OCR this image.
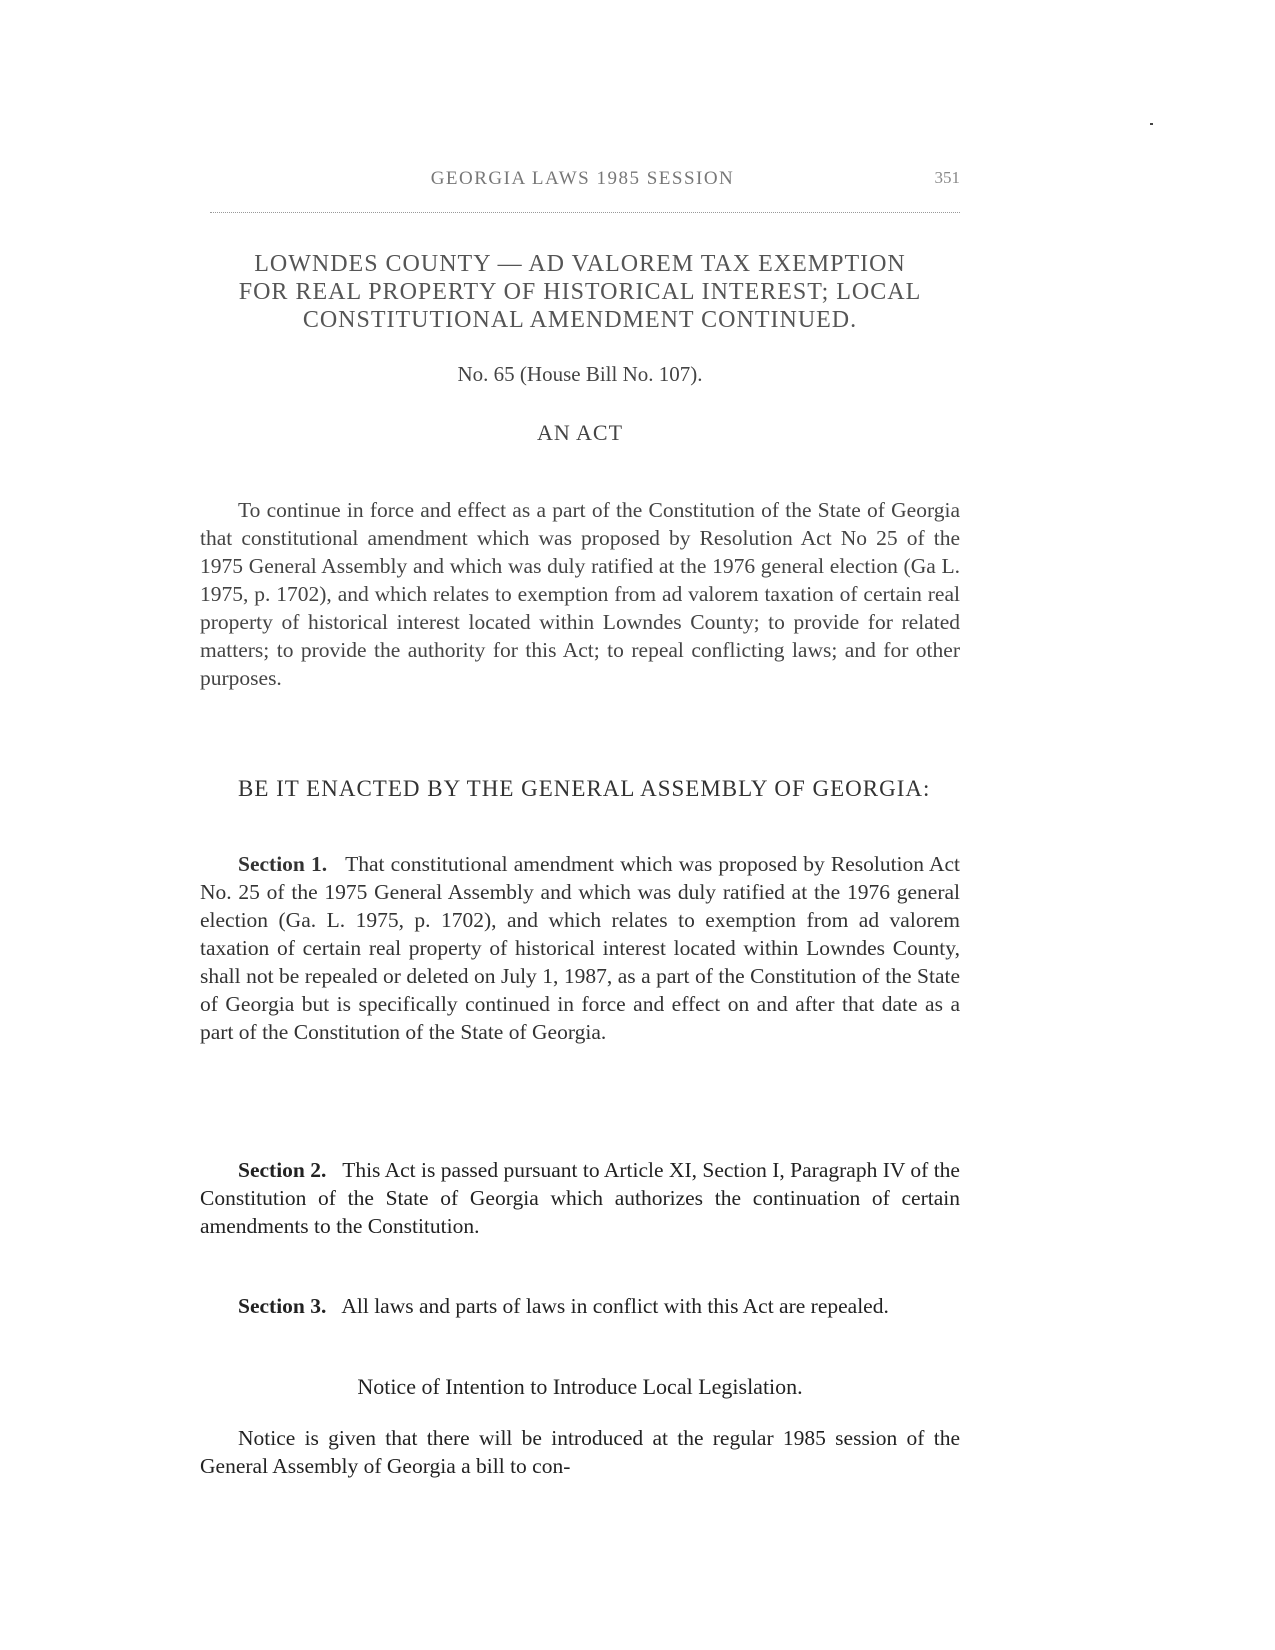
GEORGIA LAWS 1985 SESSION	351
LOWNDES COUNTY — AD VALOREM TAX EXEMPTION
FOR REAL PROPERTY OF HISTORICAL INTEREST; LOCAL
CONSTITUTIONAL AMENDMENT CONTINUED.
No. 65 (House Bill No. 107).
AN ACT

To continue in force and effect as a part of the Constitution of the State of Georgia that constitutional amendment which was proposed by Resolution Act No 25 of the 1975 General Assembly and which was duly ratified at the 1976 general election (Ga L. 1975, p. 1702), and which relates to exemption from ad valorem taxation of certain real property of historical interest located within Lowndes County; to provide for related matters; to provide the authority for this Act; to repeal conflicting laws; and for other purposes.

BE IT ENACTED BY THE GENERAL ASSEMBLY OF GEORGIA:

Section 1. That constitutional amendment which was proposed by Resolution Act No. 25 of the 1975 General Assembly and which was duly ratified at the 1976 general election (Ga. L. 1975, p. 1702), and which relates to exemption from ad valorem taxation of certain real property of historical interest located within Lowndes County, shall not be repealed or deleted on July 1, 1987, as a part of the Constitution of the State of Georgia but is specifically continued in force and effect on and after that date as a part of the Constitution of the State of Georgia.

Section 2. This Act is passed pursuant to Article XI, Section I, Paragraph IV of the Constitution of the State of Georgia which authorizes the continuation of certain amendments to the Constitution.

Section 3. All laws and parts of laws in conflict with this Act are repealed.

Notice of Intention to Introduce Local Legislation.

Notice is given that there will be introduced at the regular 1985 session of the General Assembly of Georgia a bill to con-
